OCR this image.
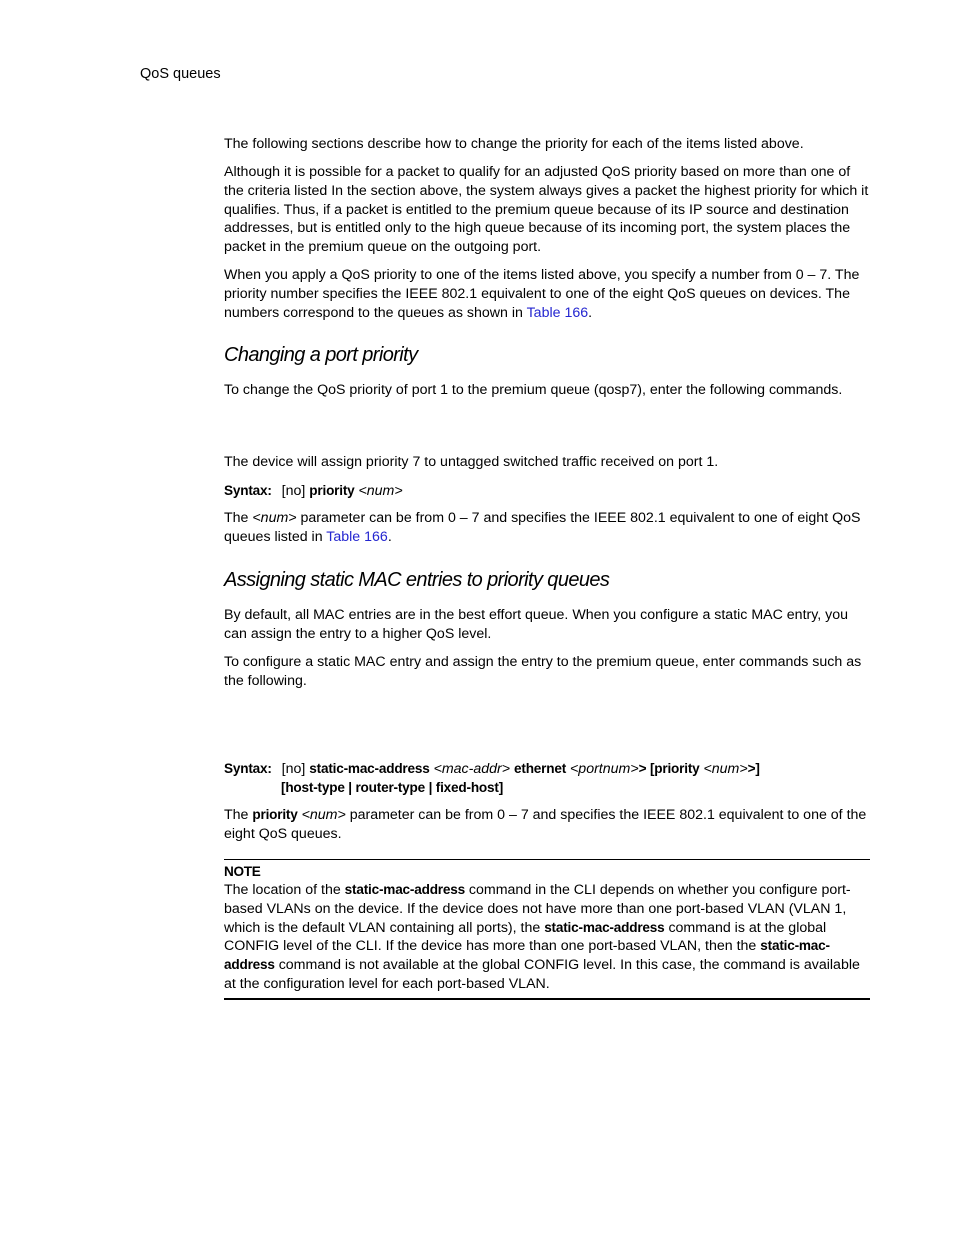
QoS queues

The following sections describe how to change the priority for each of the items listed above.

Although it is possible for a packet to qualify for an adjusted QoS priority based on more than one of the criteria listed In the section above, the system always gives a packet the highest priority for which it qualifies. Thus, if a packet is entitled to the premium queue because of its IP source and destination addresses, but is entitled only to the high queue because of its incoming port, the system places the packet in the premium queue on the outgoing port.

When you apply a QoS priority to one of the items listed above, you specify a number from 0 – 7. The priority number specifies the IEEE 802.1 equivalent to one of the eight QoS queues on devices. The numbers correspond to the queues as shown in Table 166.

Changing a port priority

To change the QoS priority of port 1 to the premium queue (qosp7), enter the following commands.

The device will assign priority 7 to untagged switched traffic received on port 1.

Syntax: [no] priority <num>

The <num> parameter can be from 0 – 7 and specifies the IEEE 802.1 equivalent to one of eight QoS queues listed in Table 166.

Assigning static MAC entries to priority queues

By default, all MAC entries are in the best effort queue. When you configure a static MAC entry, you can assign the entry to a higher QoS level.

To configure a static MAC entry and assign the entry to the premium queue, enter commands such as the following.

Syntax: [no] static-mac-address <mac-addr> ethernet <portnum>> [priority <num>>]
[host-type | router-type | fixed-host]

The priority <num> parameter can be from 0 – 7 and specifies the IEEE 802.1 equivalent to one of the eight QoS queues.

NOTE

The location of the static-mac-address command in the CLI depends on whether you configure port-based VLANs on the device. If the device does not have more than one port-based VLAN (VLAN 1, which is the default VLAN containing all ports), the static-mac-address command is at the global CONFIG level of the CLI. If the device has more than one port-based VLAN, then the static-mac-address command is not available at the global CONFIG level. In this case, the command is available at the configuration level for each port-based VLAN.
